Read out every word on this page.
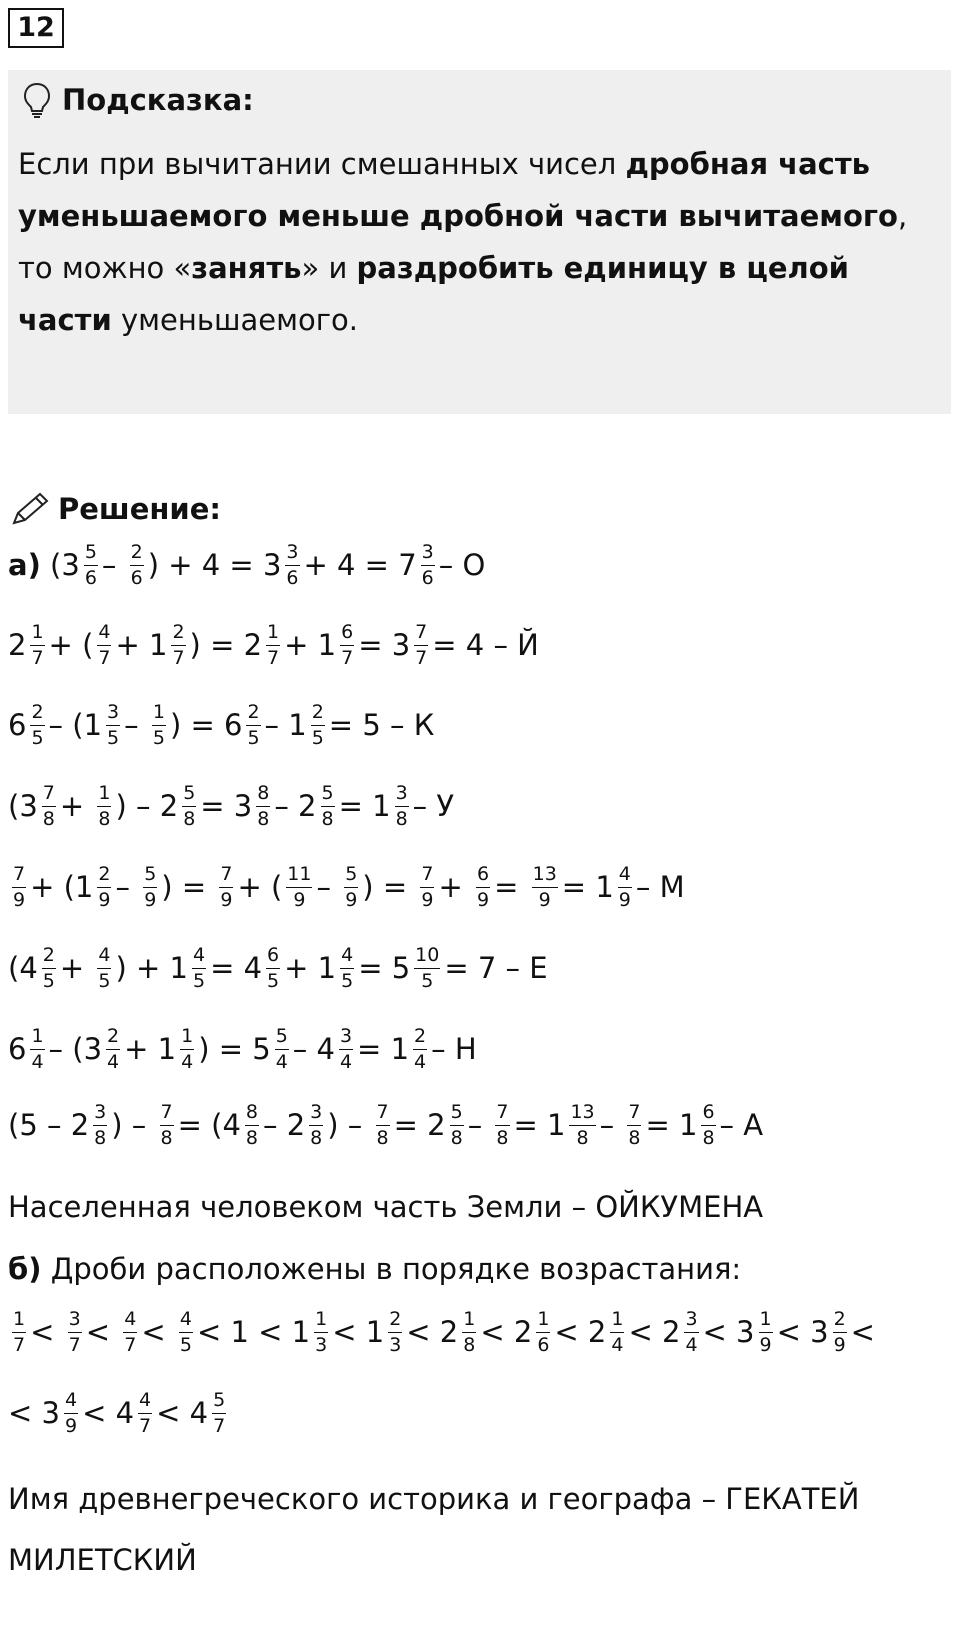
12
Подсказка:
Если при вычитании смешанных чисел дробная часть уменьшаемого меньше дробной части вычитаемого, то можно «занять» и раздробить единицу в целой части уменьшаемого.
Решение:
а) ($3 \frac{5}{6} - \frac{2}{6}$ ) + $4 = 3 \frac{3}{6} + 4 = 7 \frac{3}{6} - О$
$2 \frac{1}{7}$ + ( $\frac{4}{7} + 1 \frac{2}{7}$ ) = $2 \frac{1}{7} + 1 \frac{6}{7} = 3 \frac{7}{7} = 4 - Й$
$6 \frac{2}{5} - (1 \frac{3}{5} - \frac{1}{5}$ ) = $6 \frac{2}{5} - 1 \frac{2}{5} = 5 - К$
($3 \frac{7}{8} + \frac{1}{8}$ ) – $2 \frac{5}{8} = 3 \frac{8}{8} - 2 \frac{5}{8} = 1 \frac{3}{8} - У$
$\frac{7}{9} + (1 \frac{2}{9} - \frac{5}{9}$ ) = $\frac{7}{9}$ + ( $\frac{11}{9} - \frac{5}{9}$ ) = $\frac{7}{9} + \frac{6}{9} = \frac{13}{9} = 1 \frac{4}{9} - М$
($4 \frac{2}{5} + \frac{4}{5}$ ) + $1 \frac{4}{5} = 4 \frac{6}{5} + 1 \frac{4}{5} = 5 \frac{10}{5} = 7 - Е$
$6 \frac{1}{4} - (3 \frac{2}{4} + 1 \frac{1}{4}$ ) = $5 \frac{5}{4} - 4 \frac{3}{4} = 1 \frac{2}{4} - Н$
($5 - 2 \frac{3}{8}$ ) – $\frac{7}{8} = (4 \frac{8}{8} - 2 \frac{3}{8}$ ) – $\frac{7}{8} = 2 \frac{5}{8} - \frac{7}{8} = 1 \frac{13}{8} - \frac{7}{8} = 1 \frac{6}{8} - А$
Населенная человеком часть Земли – ОЙКУМЕНА
б) Дроби расположены в порядке возрастания:
$\frac{1}{7} < \frac{3}{7} < \frac{4}{7} < \frac{4}{5} < 1 < 1 \frac{1}{3} < 1 \frac{2}{3} < 2 \frac{1}{8} < 2 \frac{1}{6} < 2 \frac{1}{4} < 2 \frac{3}{4} < 3 \frac{1}{9} < 3 \frac{2}{9}$ <
< $3 \frac{4}{9} < 4 \frac{4}{7} < 4 \frac{5}{7}$
Имя древнегреческого историка и географа – ГЕКАТЕЙ
МИЛЕТСКИЙ
